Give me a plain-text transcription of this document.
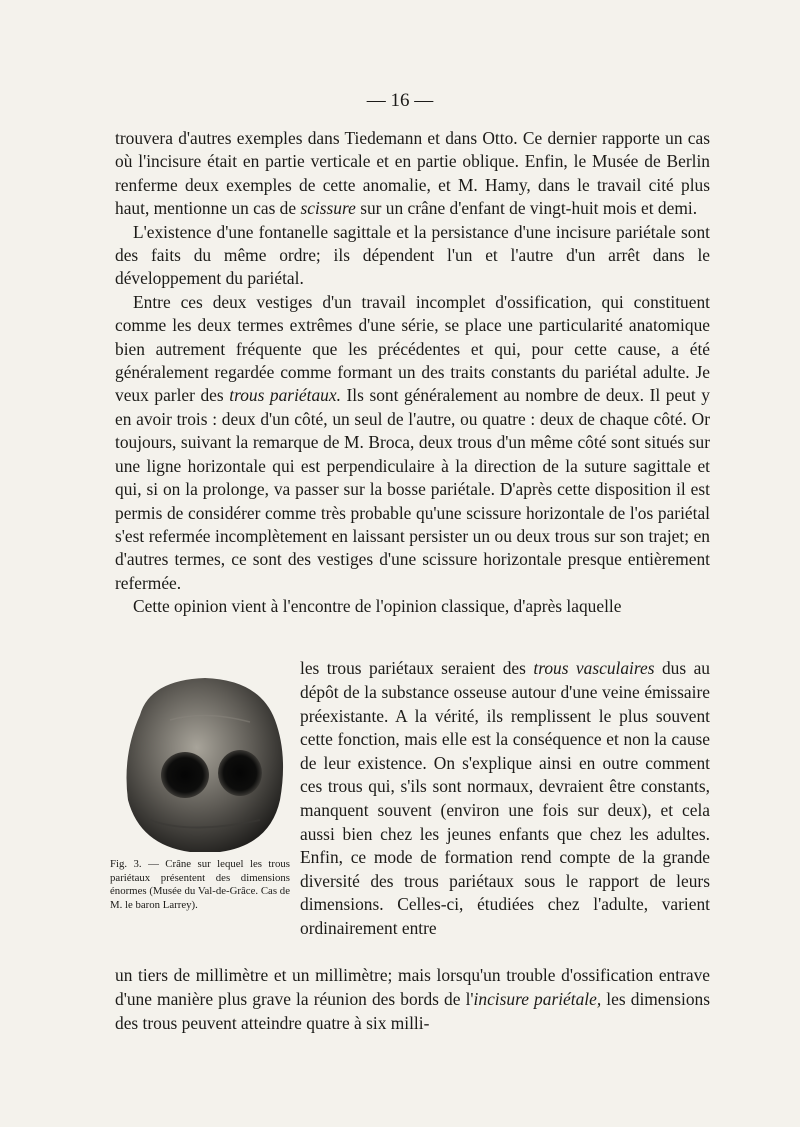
— 16 —

trouvera d'autres exemples dans Tiedemann et dans Otto. Ce dernier rapporte un cas où l'incisure était en partie verticale et en partie oblique. Enfin, le Musée de Berlin renferme deux exemples de cette anomalie, et M. Hamy, dans le travail cité plus haut, mentionne un cas de scissure sur un crâne d'enfant de vingt-huit mois et demi.

L'existence d'une fontanelle sagittale et la persistance d'une incisure pariétale sont des faits du même ordre; ils dépendent l'un et l'autre d'un arrêt dans le développement du pariétal.

Entre ces deux vestiges d'un travail incomplet d'ossification, qui constituent comme les deux termes extrêmes d'une série, se place une particularité anatomique bien autrement fréquente que les précédentes et qui, pour cette cause, a été généralement regardée comme formant un des traits constants du pariétal adulte. Je veux parler des trous pariétaux. Ils sont généralement au nombre de deux. Il peut y en avoir trois : deux d'un côté, un seul de l'autre, ou quatre : deux de chaque côté. Or toujours, suivant la remarque de M. Broca, deux trous d'un même côté sont situés sur une ligne horizontale qui est perpendiculaire à la direction de la suture sagittale et qui, si on la prolonge, va passer sur la bosse pariétale. D'après cette disposition il est permis de considérer comme très probable qu'une scissure horizontale de l'os pariétal s'est refermée incomplètement en laissant persister un ou deux trous sur son trajet; en d'autres termes, ce sont des vestiges d'une scissure horizontale presque entièrement refermée.

Cette opinion vient à l'encontre de l'opinion classique, d'après laquelle

Fig. 3. — Crâne sur lequel les trous pariétaux présentent des dimensions énormes (Musée du Val-de-Grâce. Cas de M. le baron Larrey).

les trous pariétaux seraient des trous vasculaires dus au dépôt de la substance osseuse autour d'une veine émissaire préexistante. A la vérité, ils remplissent le plus souvent cette fonction, mais elle est la conséquence et non la cause de leur existence. On s'explique ainsi en outre comment ces trous qui, s'ils sont normaux, devraient être constants, manquent souvent (environ une fois sur deux), et cela aussi bien chez les jeunes enfants que chez les adultes. Enfin, ce mode de formation rend compte de la grande diversité des trous pariétaux sous le rapport de leurs dimensions. Celles-ci, étudiées chez l'adulte, varient ordinairement entre

un tiers de millimètre et un millimètre; mais lorsqu'un trouble d'ossification entrave d'une manière plus grave la réunion des bords de l'incisure pariétale, les dimensions des trous peuvent atteindre quatre à six milli-
